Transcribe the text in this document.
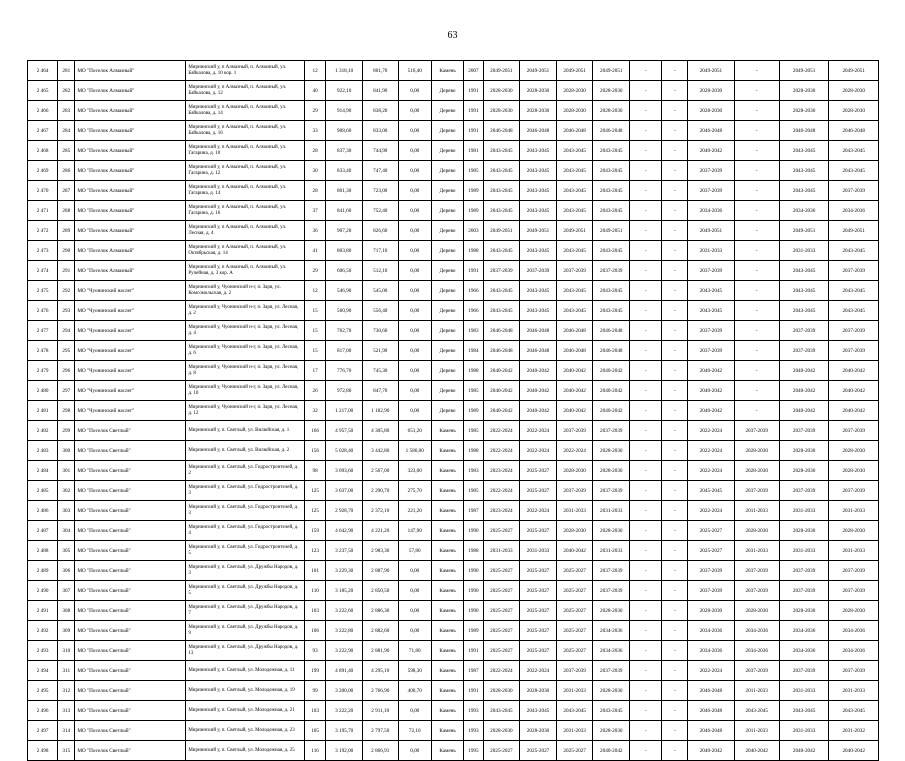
63
2 464	281	МО "Поселок Алмазный"	Мирнинский у, п Алмазный, п. Алмазный, ул. Байкалова, д. 10 кор. 1	12	1 318,10	801,70	516,40	Камень	2007	2049-2051	2049-2051	2049-2051	2049-2051	-	-	2049-2051	-	2049-2051	2049-2051
2 465	282	МО "Поселок Алмазный"	Мирнинский у, п Алмазный, п. Алмазный, ул. Байкалова, д. 12	40	922,10	841,90	0,00	Дерево	1991	2028-2030	2028-2030	2028-2030	2028-2030	-	-	2028-2030	-	2028-2030	2028-2030
2 466	283	МО "Поселок Алмазный"	Мирнинский у, п Алмазный, п. Алмазный, ул. Байкалова, д. 14	29	914,90	838,20	0,00	Дерево	1991	2028-2030	2028-2030	2028-2030	2028-2030	-	-	2028-2030	-	2028-2030	2028-2030
2 467	284	МО "Поселок Алмазный"	Мирнинский у, п Алмазный, п. Алмазный, ул. Байкалова, д. 16	33	908,60	833,00	0,00	Дерево	1991	2046-2048	2046-2048	2046-2048	2046-2048	-	-	2046-2048	-	2046-2048	2046-2048
2 468	285	МО "Поселок Алмазный"	Мирнинский у, п Алмазный, п. Алмазный, ул. Гагарина, д. 10	28	837,30	744,90	0,00	Дерево	1981	2043-2045	2043-2045	2043-2045	2043-2045	-	-	2040-2042	-	2043-2045	2043-2045
2 469	286	МО "Поселок Алмазный"	Мирнинский у, п Алмазный, п. Алмазный, ул. Гагарина, д. 12	30	833,40	747,40	0,00	Дерево	1985	2043-2045	2043-2045	2043-2045	2043-2045	-	-	2037-2039	-	2043-2045	2043-2045
2 470	287	МО "Поселок Алмазный"	Мирнинский у, п Алмазный, п. Алмазный, ул. Гагарина, д. 14	28	801,30	723,00	0,00	Дерево	1989	2043-2045	2043-2045	2043-2045	2043-2045	-	-	2037-2039	-	2043-2045	2037-2039
2 471	288	МО "Поселок Алмазный"	Мирнинский у, п Алмазный, п. Алмазный, ул. Гагарина, д. 16	37	841,60	752,40	0,00	Дерево	1989	2043-2045	2043-2045	2043-2045	2043-2045	-	-	2034-2036	-	2034-2036	2034-2036
2 472	289	МО "Поселок Алмазный"	Мирнинский у, п Алмазный, п. Алмазный, ул. Лесная, д. 4	36	907,20	826,60	0,00	Дерево	2003	2049-2051	2049-2051	2049-2051	2049-2051	-	-	2049-2051	-	2049-2051	2049-2051
2 473	290	МО "Поселок Алмазный"	Мирнинский у, п Алмазный, п. Алмазный, ул. Октябрьская, д. 14	41	803,80	717,10	0,00	Дерево	1988	2043-2045	2043-2045	2043-2045	2043-2045	-	-	2031-2033	-	2031-2033	2043-2045
2 474	291	МО "Поселок Алмазный"	Мирнинский у, п Алмазный, п. Алмазный, ул. Ручейная, д. 3 кор. А	29	606,50	512,10	0,00	Дерево	1991	2037-2039	2037-2039	2037-2039	2037-2039	-	-	2037-2039	-	2043-2045	2037-2039
2 475	292	МО "Чуонинский наслег"	Мирнинский у, Чуонинский н-г, п. Заря, ул. Комсомольская, д. 2	12	546,90	545,00	0,00	Дерево	1966	2043-2045	2043-2045	2043-2045	2043-2045	-	-	2043-2045	-	2043-2045	2043-2045
2 476	293	МО "Чуонинский наслег"	Мирнинский у, Чуонинский н-г, п. Заря, ул. Лесная, д. 2	15	560,90	556,40	0,00	Дерево	1966	2043-2045	2043-2045	2043-2045	2043-2045	-	-	2043-2045	-	2043-2045	2043-2045
2 477	294	МО "Чуонинский наслег"	Мирнинский у, Чуонинский н-г, п. Заря, ул. Лесная, д. 4	15	762,70	730,60	0,00	Дерево	1983	2046-2048	2046-2048	2046-2048	2046-2048	-	-	2037-2039	-	2037-2039	2037-2039
2 478	295	МО "Чуонинский наслег"	Мирнинский у, Чуонинский н-г, п. Заря, ул. Лесная, д. 6	15	817,00	521,90	0,00	Дерево	1984	2046-2048	2046-2048	2046-2048	2046-2048	-	-	2037-2039	-	2037-2039	2037-2039
2 479	296	МО "Чуонинский наслег"	Мирнинский у, Чуонинский н-г, п. Заря, ул. Лесная, д. 8	17	776,70	745,30	0,00	Дерево	1988	2040-2042	2040-2042	2040-2042	2040-2042	-	-	2040-2042	-	2040-2042	2040-2042
2 480	297	МО "Чуонинский наслег"	Мирнинский у, Чуонинский н-г, п. Заря, ул. Лесная, д. 10	26	972,80	847,70	0,00	Дерево	1985	2040-2042	2040-2042	2040-2042	2040-2042	-	-	2040-2042	-	2040-2042	2040-2042
2 481	298	МО "Чуонинский наслег"	Мирнинский у, Чуонинский н-г, п. Заря, ул. Лесная, д. 12	32	1 217,00	1 182,90	0,00	Дерево	1989	2040-2042	2040-2042	2040-2042	2040-2042	-	-	2040-2042	-	2040-2042	2040-2042
2 482	299	МО "Поселок Светлый"	Мирнинский у, п. Светлый, ул. Вилюйская, д. 1	166	4 957,50	4 305,80	651,20	Камень	1985	2022-2024	2022-2024	2037-2039	2037-2039	-	-	2022-2024	2037-2039	2037-2039	2037-2039
2 483	300	МО "Поселок Светлый"	Мирнинский у, п. Светлый, ул. Вилюйская, д. 2	156	5 028,40	3 442,80	1 586,00	Камень	1988	2022-2024	2022-2024	2022-2024	2028-2030	-	-	2022-2024	2028-2030	2028-2030	2028-2030
2 484	301	МО "Поселок Светлый"	Мирнинский у, п. Светлый, ул. Гидростроителей, д. 2	98	3 093,60	2 567,00	323,00	Камень	1983	2023-2024	2025-2027	2028-2030	2028-2030	-	-	2022-2024	2028-2030	2028-2030	2028-2030
2 485	302	МО "Поселок Светлый"	Мирнинский у, п. Светлый, ул. Гидростроителей, д. 3	125	3 037,00	2 290,70	275,70	Камень	1985	2022-2024	2025-2027	2037-2039	2037-2039	-	-	2045-2045	2037-2039	2037-2039	2037-2039
2 486	303	МО "Поселок Светлый"	Мирнинский у, п. Светлый, ул. Гидростроителей, д. 3	125	2 928,70	2 372,10	221,20	Камень	1987	2023-2024	2022-2024	2031-2033	2031-2033	-	-	2022-2024	2011-2033	2031-2033	2031-2033
2 487	304	МО "Поселок Светлый"	Мирнинский у, п. Светлый, ул. Гидростроителей, д. 4	159	4 642,90	4 221,20	147,90	Камень	1990	2025-2027	2025-2027	2028-2030	2028-2030	-	-	2025-2027	2028-2030	2028-2030	2028-2030
2 488	305	МО "Поселок Светлый"	Мирнинский у, п. Светлый, ул. Гидростроителей, д. 5	123	3 237,50	2 983,30	57,80	Камень	1988	2031-2033	2031-2033	2040-2042	2031-2033	-	-	2025-2027	2031-2033	2031-2033	2031-2033
2 489	306	МО "Поселок Светлый"	Мирнинский у, п. Светлый, ул. Дружбы Народов, д. 3	101	3 229,30	2 887,90	0,00	Камень	1990	2025-2027	2025-2027	2025-2027	2037-2039	-	-	2037-2039	2037-2039	2037-2039	2037-2039
2 490	307	МО "Поселок Светлый"	Мирнинский у, п. Светлый, ул. Дружбы Народов, д. 5	110	3 185,20	2 850,50	0,00	Камень	1990	2025-2027	2025-2027	2025-2027	2037-2039	-	-	2037-2039	2037-2039	2037-2039	2037-2039
2 491	308	МО "Поселок Светлый"	Мирнинский у, п. Светлый, ул. Дружбы Народов, д. 7	103	3 222,60	2 886,30	0,00	Камень	1990	2025-2027	2025-2027	2025-2027	2028-2030	-	-	2028-2030	2028-2030	2028-2030	2028-2030
2 492	309	МО "Поселок Светлый"	Мирнинский у, п. Светлый, ул. Дружбы Народов, д. 9	106	3 222,80	2 882,60	0,00	Камень	1989	2025-2027	2025-2027	2025-2027	2034-2036	-	-	2034-2036	2034-2036	2034-2036	2034-2036
2 493	310	МО "Поселок Светлый"	Мирнинский у, п. Светлый, ул. Дружбы Народов, д. 13	93	3 222,90	2 881,90	71,80	Камень	1991	2025-2027	2025-2027	2025-2027	2034-2036	-	-	2034-2036	2034-2036	2034-2036	2034-2036
2 494	311	МО "Поселок Светлый"	Мирнинский у, п. Светлый, ул. Молодежная, д. 11	199	4 891,40	4 295,10	598,30	Камень	1987	2022-2024	2022-2024	2037-2039	2037-2039	-	-	2022-2024	2037-2039	2037-2039	2037-2039
2 495	312	МО "Поселок Светлый"	Мирнинский у, п. Светлый, ул. Молодежная, д. 19	99	3 200,00	2 766,90	400,70	Камень	1991	2028-2030	2028-2030	2031-2033	2028-2030	-	-	2046-2048	2011-2033	2031-2033	2031-2033
2 496	313	МО "Поселок Светлый"	Мирнинский у, п. Светлый, ул. Молодежная, д. 21	103	3 222,20	2 911,10	0,00	Камень	1993	2043-2045	2043-2045	2043-2045	2043-2045	-	-	2046-2048	2043-2045	2043-2045	2043-2045
2 497	314	МО "Поселок Светлый"	Мирнинский у, п. Светлый, ул. Молодежная, д. 23	105	3 195,70	2 797,50	72,10	Камень	1993	2028-2030	2028-2030	2031-2033	2028-2030	-	-	2046-2048	2011-2033	2031-2033	2031-2032
2 498	315	МО "Поселок Светлый"	Мирнинский у, п. Светлый, ул. Молодежная, д. 25	116	3 192,00	2 866,91	0,00	Камень	1995	2025-2027	2025-2027	2025-2027	2040-2042	-	-	2040-2042	2040-2042	2040-2042	2040-2042
